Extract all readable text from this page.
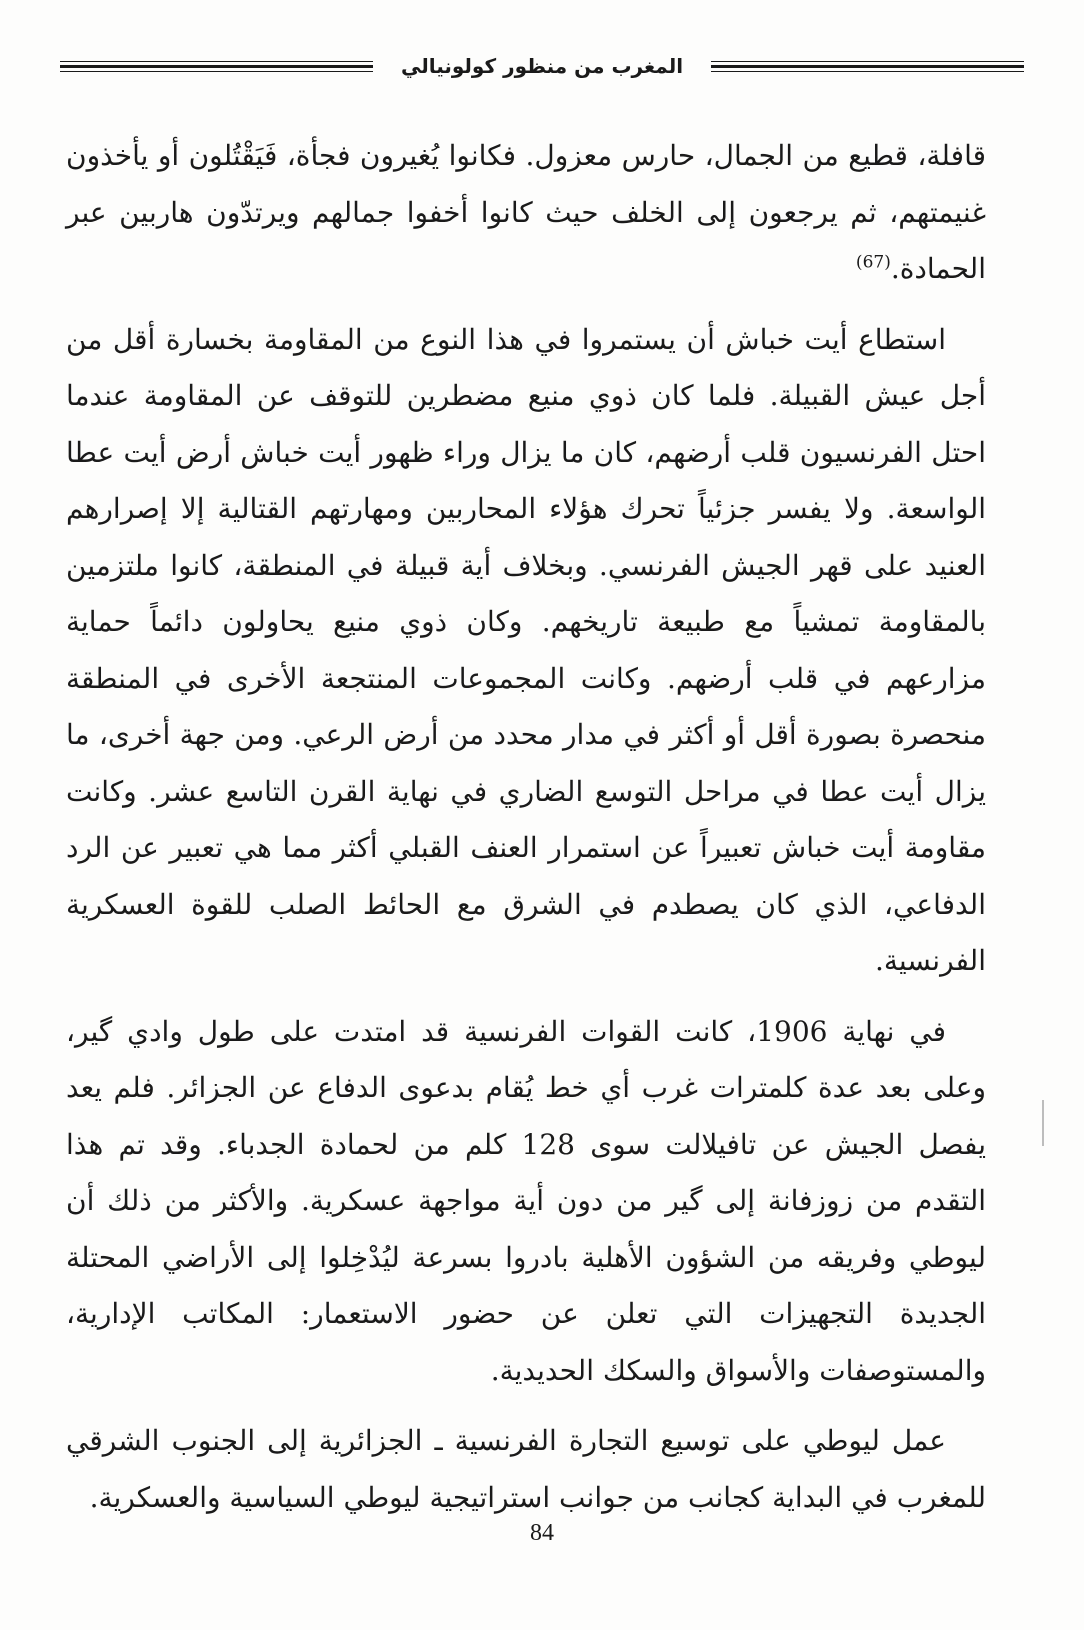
المغرب من منظور كولونيالي

قافلة، قطيع من الجمال، حارس معزول. فكانوا يُغيرون فجأة، فَيَقْتُلون أو يأخذون غنيمتهم، ثم يرجعون إلى الخلف حيث كانوا أخفوا جمالهم ويرتدّون هاربين عبر الحمادة.$^{(67)}$

استطاع أيت خباش أن يستمروا في هذا النوع من المقاومة بخسارة أقل من أجل عيش القبيلة. فلما كان ذوي منيع مضطرين للتوقف عن المقاومة عندما احتل الفرنسيون قلب أرضهم، كان ما يزال وراء ظهور أيت خباش أرض أيت عطا الواسعة. ولا يفسر جزئياً تحرك هؤلاء المحاربين ومهارتهم القتالية إلا إصرارهم العنيد على قهر الجيش الفرنسي. وبخلاف أية قبيلة في المنطقة، كانوا ملتزمين بالمقاومة تمشياً مع طبيعة تاريخهم. وكان ذوي منيع يحاولون دائماً حماية مزارعهم في قلب أرضهم. وكانت المجموعات المنتجعة الأخرى في المنطقة منحصرة بصورة أقل أو أكثر في مدار محدد من أرض الرعي. ومن جهة أخرى، ما يزال أيت عطا في مراحل التوسع الضاري في نهاية القرن التاسع عشر. وكانت مقاومة أيت خباش تعبيراً عن استمرار العنف القبلي أكثر مما هي تعبير عن الرد الدفاعي، الذي كان يصطدم في الشرق مع الحائط الصلب للقوة العسكرية الفرنسية.

في نهاية 1906، كانت القوات الفرنسية قد امتدت على طول وادي گير، وعلى بعد عدة كلمترات غرب أي خط يُقام بدعوى الدفاع عن الجزائر. فلم يعد يفصل الجيش عن تافيلالت سوى 128 كلم من لحمادة الجدباء. وقد تم هذا التقدم من زوزفانة إلى گير من دون أية مواجهة عسكرية. والأكثر من ذلك أن ليوطي وفريقه من الشؤون الأهلية بادروا بسرعة ليُدْخِلوا إلى الأراضي المحتلة الجديدة التجهيزات التي تعلن عن حضور الاستعمار: المكاتب الإدارية، والمستوصفات والأسواق والسكك الحديدية.

عمل ليوطي على توسيع التجارة الفرنسية ـ الجزائرية إلى الجنوب الشرقي للمغرب في البداية كجانب من جوانب استراتيجية ليوطي السياسية والعسكرية.

84
